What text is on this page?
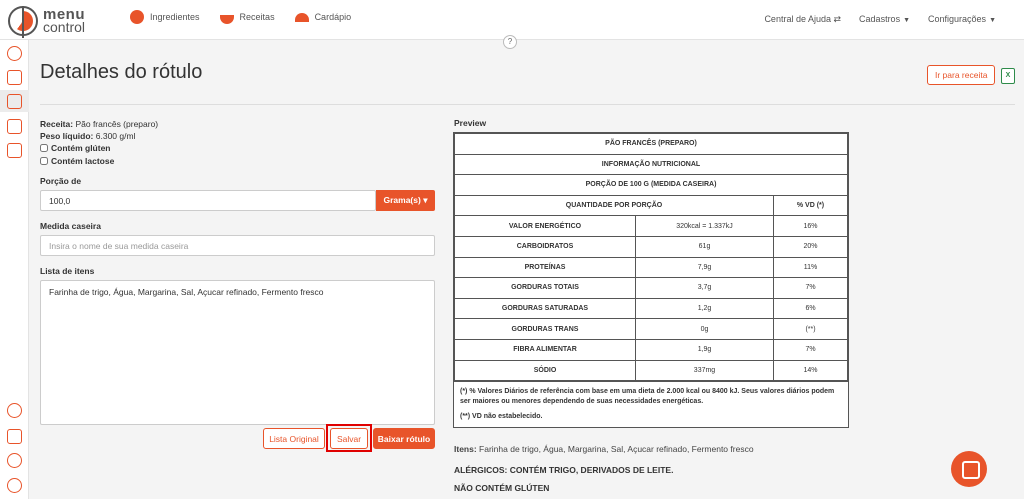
menu
control
Ingredientes	Receitas	Cardápio	Central de Ajuda ⇄ Cadastros ▼ Configurações ▼
?
Detalhes do rótulo	Ir para receita	X
Receita: Pão francês (preparo)
Peso líquido: 6.300 g/ml
Contém glúten
Contém lactose
Porção de
100,0
Grama(s) ▾
Medida caseira
Insira o nome de sua medida caseira
Lista de itens
Farinha de trigo, Água, Margarina, Sal, Açucar refinado, Fermento fresco
Lista Original	Salvar	Baixar rótulo
Preview
PÃO FRANCÊS (PREPARO)		
INFORMAÇÃO NUTRICIONAL		
PORÇÃO DE 100 G (MEDIDA CASEIRA)		
QUANTIDADE POR PORÇÃO		% VD (*)
VALOR ENERGÉTICO	320kcal = 1.337kJ	16%
CARBOIDRATOS	61g	20%
PROTEÍNAS	7,9g	11%
GORDURAS TOTAIS	3,7g	7%
GORDURAS SATURADAS	1,2g	6%
GORDURAS TRANS	0g	(**)
FIBRA ALIMENTAR	1,9g	7%
SÓDIO	337mg	14%
(*) % Valores Diários de referência com base em uma dieta de 2.000 kcal ou 8400 kJ. Seus valores diários podem ser maiores ou menores dependendo de suas necessidades energéticas.
(**) VD não estabelecido.
Itens: Farinha de trigo, Água, Margarina, Sal, Açucar refinado, Fermento fresco
ALÉRGICOS: CONTÉM TRIGO, DERIVADOS DE LEITE.
NÃO CONTÉM GLÚTEN
